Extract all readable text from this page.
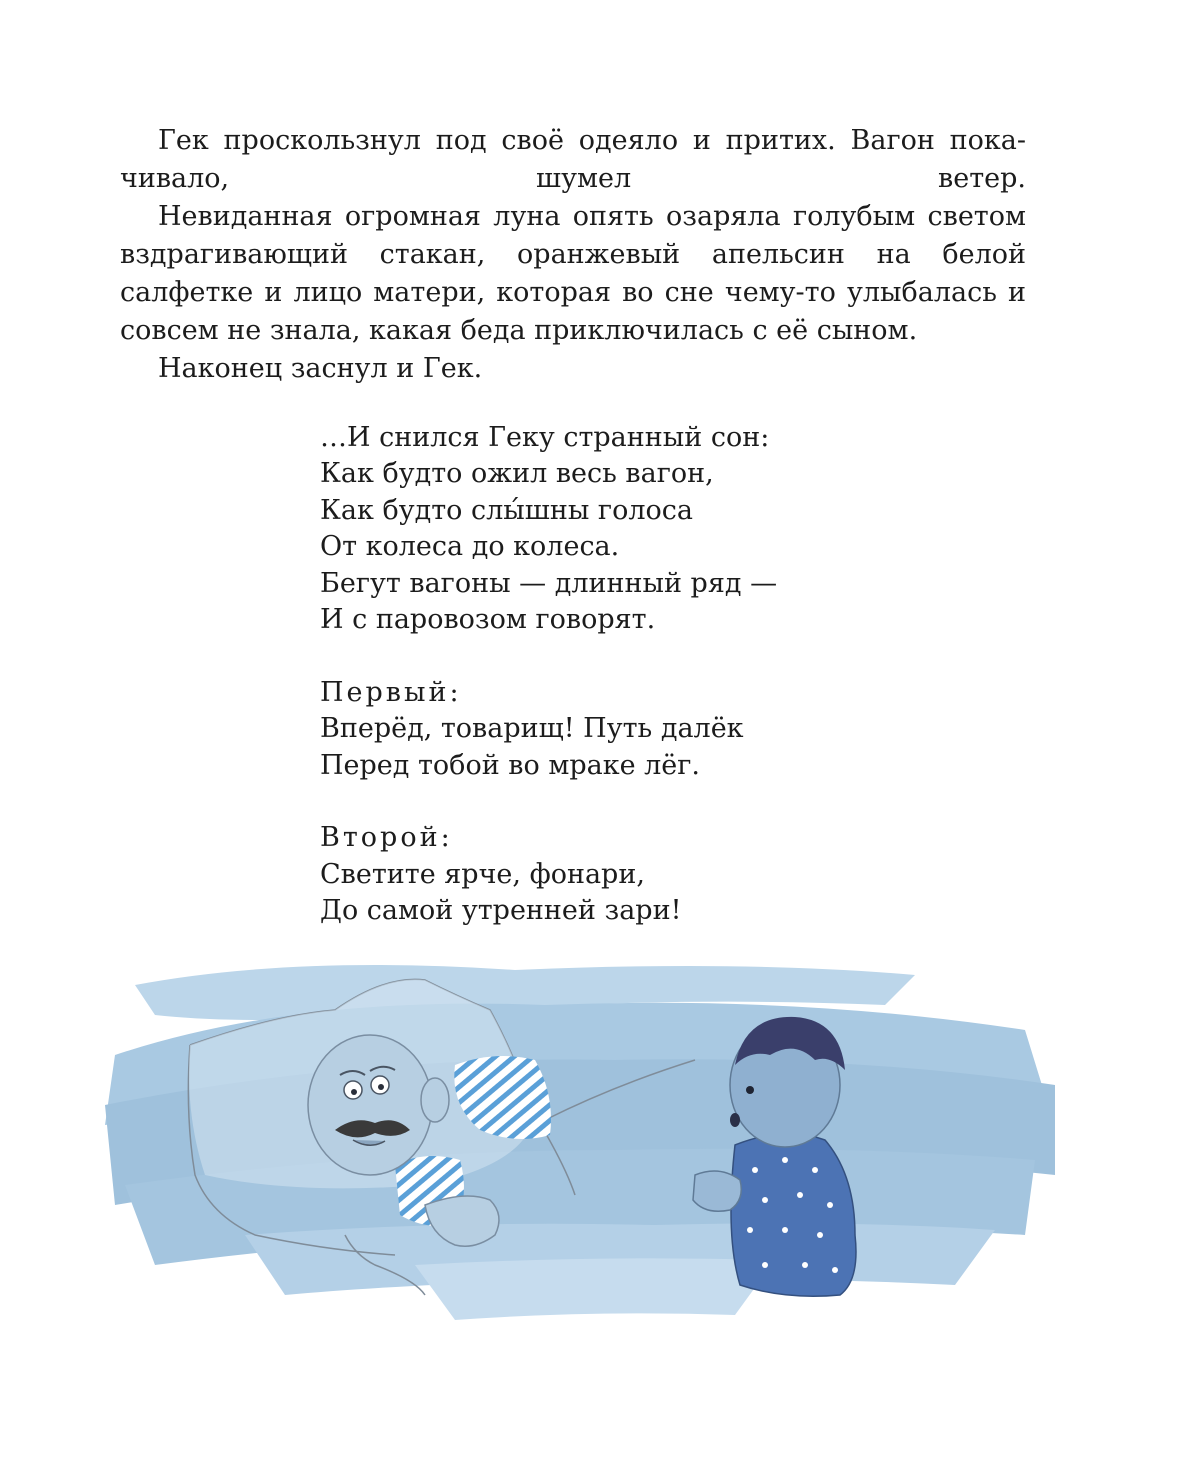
Гек проскользнул под своё одеяло и притих. Вагон покачивало, шумел ветер.

Невиданная огромная луна опять озаряла голубым светом вздрагивающий стакан, оранжевый апельсин на белой салфетке и лицо матери, которая во сне чему-то улыбалась и совсем не знала, какая беда приключилась с её сыном.

Наконец заснул и Гек.

…И снился Геку странный сон:
Как будто ожил весь вагон,
Как будто слы́шны голоса
От колеса до колеса.
Бегут вагоны — длинный ряд —
И с паровозом говорят.
Первый:
Вперёд, товарищ! Путь далёк
Перед тобой во мраке лёг.
Второй:
Светите ярче, фонари,
До самой утренней зари!
